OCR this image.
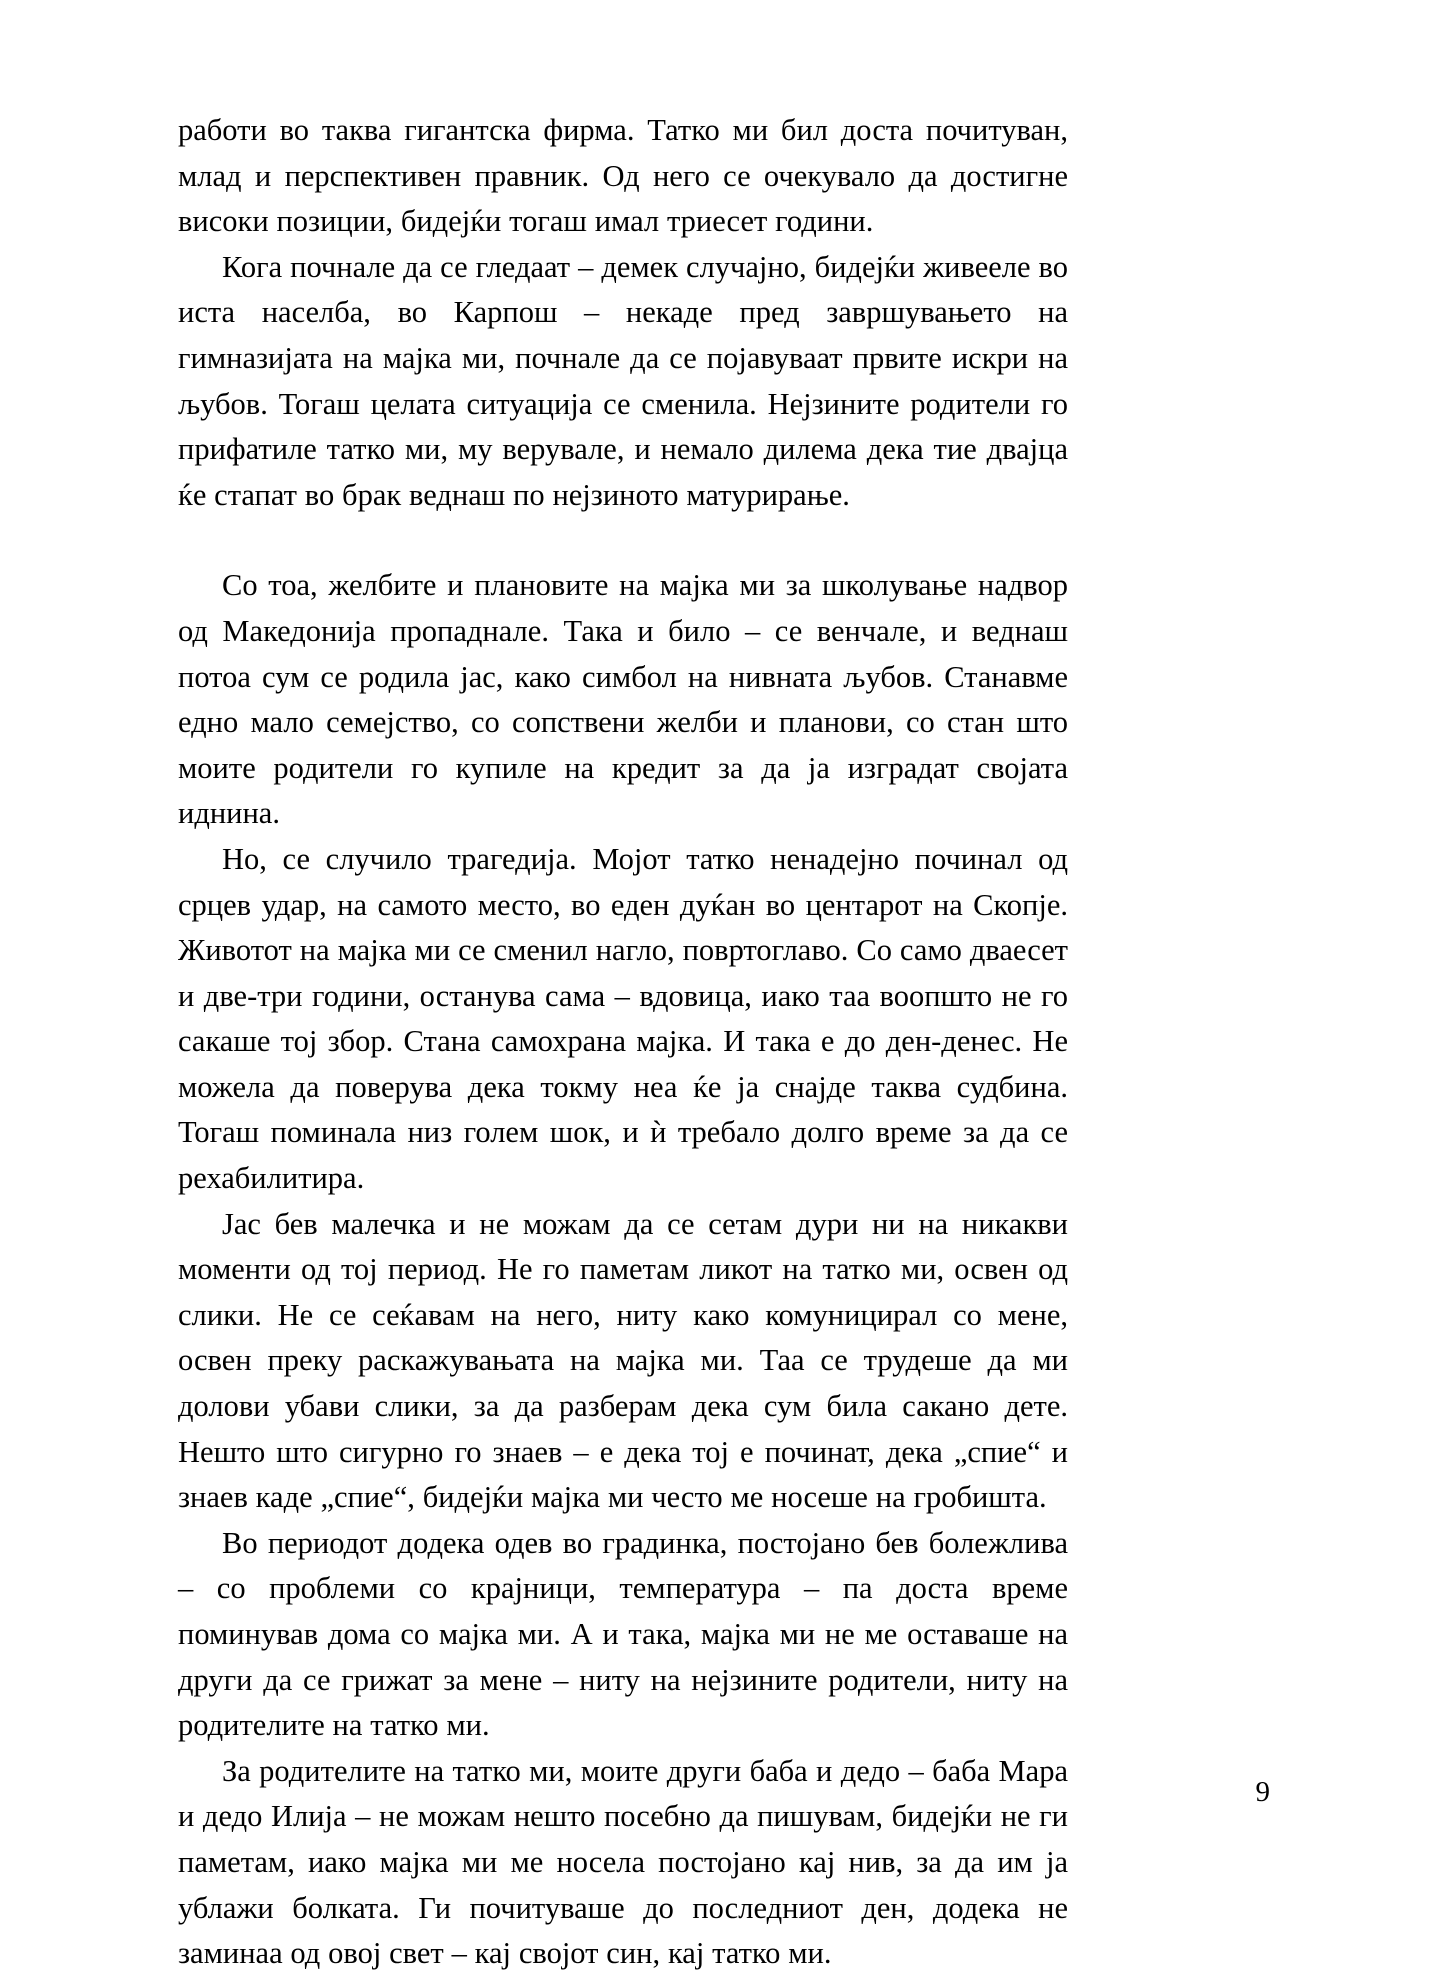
работи во таква гигантска фирма. Татко ми бил доста почитуван, млад и перспективен правник. Од него се очекувало да достигне високи позиции, бидејќи тогаш имал триесет години.

Кога почнале да се гледаат – демек случајно, бидејќи живееле во иста населба, во Карпош – некаде пред завршувањето на гимназијата на мајка ми, почнале да се појавуваат првите искри на љубов. Тогаш целата ситуација се сменила. Нејзините родители го прифатиле татко ми, му верувале, и немало дилема дека тие двајца ќе стапат во брак веднаш по нејзиното матурирање.

Со тоа, желбите и плановите на мајка ми за школување надвор од Македонија пропаднале. Така и било – се венчале, и веднаш потоа сум се родила јас, како симбол на нивната љубов. Станавме едно мало семејство, со сопствени желби и планови, со стан што моите родители го купиле на кредит за да ја изградат својата иднина.

Но, се случило трагедија. Мојот татко ненадејно починал од срцев удар, на самото место, во еден дуќан во центарот на Скопје. Животот на мајка ми се сменил нагло, повртоглаво. Со само дваесет и две-три години, останува сама – вдовица, иако таа воопшто не го сакаше тој збор. Стана самохрана мајка. И така е до ден-денес. Не можела да поверува дека токму неа ќе ја снајде таква судбина. Тогаш поминала низ голем шок, и ѝ требало долго време за да се рехабилитира.

Јас бев малечка и не можам да се сетам дури ни на никакви моменти од тој период. Не го паметам ликот на татко ми, освен од слики. Не се сеќавам на него, ниту како комуницирал со мене, освен преку раскажувањата на мајка ми. Таа се трудеше да ми долови убави слики, за да разберам дека сум била сакано дете. Нешто што сигурно го знаев – е дека тој е починат, дека „спие“ и знаев каде „спие“, бидејќи мајка ми често ме носеше на гробишта.

Во периодот додека одев во градинка, постојано бев болежлива – со проблеми со крајници, температура – па доста време поминував дома со мајка ми. А и така, мајка ми не ме оставаше на други да се грижат за мене – ниту на нејзините родители, ниту на родителите на татко ми.

За родителите на татко ми, моите други баба и дедо – баба Мара и дедо Илија – не можам нешто посебно да пишувам, бидејќи не ги паметам, иако мајка ми ме носела постојано кај нив, за да им ја ублажи болката. Ги почитуваше до последниот ден, додека не заминаа од овој свет – кај својот син, кај татко ми.

9
